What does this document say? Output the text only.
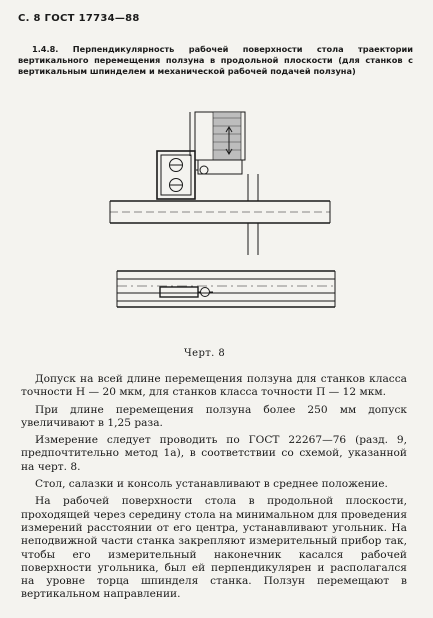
С. 8 ГОСТ 17734—88
1.4.8. Перпендикулярность рабочей поверхности стола траектории вертикального перемещения ползуна в продольной плоскости (для станков с вертикальным шпинделем и механической рабочей подачей ползуна)
Черт. 8

Допуск на всей длине перемещения ползуна для станков класса точности Н — 20 мкм, для станков класса точности П — 12 мкм.

При длине перемещения ползуна более 250 мм допуск увеличивают в 1,25 раза.

Измерение следует проводить по ГОСТ 22267—76 (разд. 9, предпочтительно метод 1а), в соответствии со схемой, указанной на черт. 8.

Стол, салазки и консоль устанавливают в среднее положение.

На рабочей поверхности стола в продольной плоскости, проходящей через середину стола на минимальном для проведения измерений расстоянии от его центра, устанавливают угольник. На неподвижной части станка закрепляют измерительный прибор так, чтобы его измерительный наконечник касался рабочей поверхности угольника, был ей перпендикулярен и располагался на уровне торца шпинделя станка. Ползун перемещают в вертикальном направлении.
